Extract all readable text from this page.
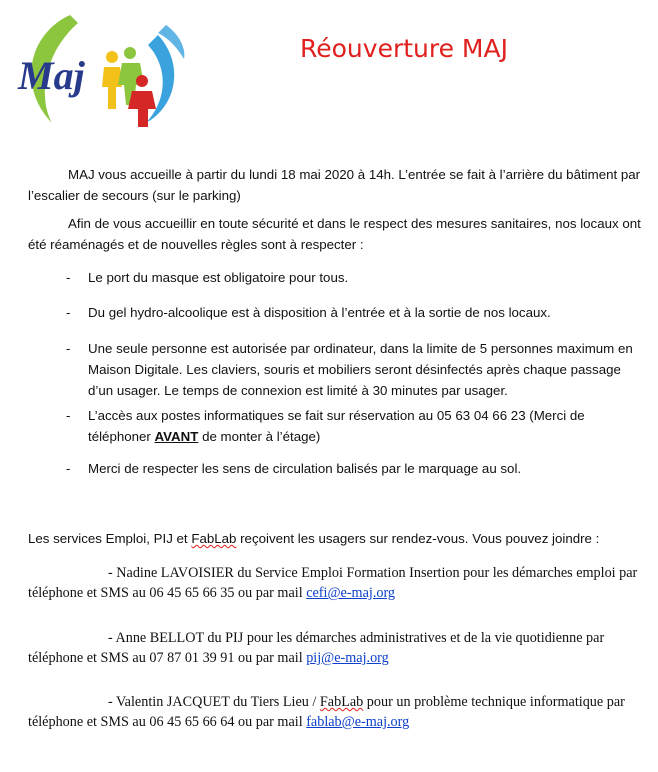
Maj
Réouverture MAJ

MAJ vous accueille à partir du lundi 18 mai 2020 à 14h. L’entrée se fait à l’arrière du bâtiment par l’escalier de secours (sur le parking)

Afin de vous accueillir en toute sécurité et dans le respect des mesures sanitaires, nos locaux ont été réaménagés et de nouvelles règles sont à respecter :

- Le port du masque est obligatoire pour tous.
- Du gel hydro-alcoolique est à disposition à l’entrée et à la sortie de nos locaux.
- Une seule personne est autorisée par ordinateur, dans la limite de 5 personnes maximum en Maison Digitale. Les claviers, souris et mobiliers seront désinfectés après chaque passage d’un usager. Le temps de connexion est limité à 30 minutes par usager.
- L’accès aux postes informatiques se fait sur réservation au 05 63 04 66 23 (Merci de téléphoner AVANT de monter à l’étage)
- Merci de respecter les sens de circulation balisés par le marquage au sol.

Les services Emploi, PIJ et FabLab reçoivent les usagers sur rendez-vous. Vous pouvez joindre :

- Nadine LAVOISIER du Service Emploi Formation Insertion pour les démarches emploi par téléphone et SMS au 06 45 65 66 35 ou par mail cefi@e-maj.org

- Anne BELLOT du PIJ pour les démarches administratives et de la vie quotidienne par téléphone et SMS au 07 87 01 39 91 ou par mail pij@e-maj.org

- Valentin JACQUET du Tiers Lieu / FabLab pour un problème technique informatique par téléphone et SMS au 06 45 65 66 64 ou par mail fablab@e-maj.org
